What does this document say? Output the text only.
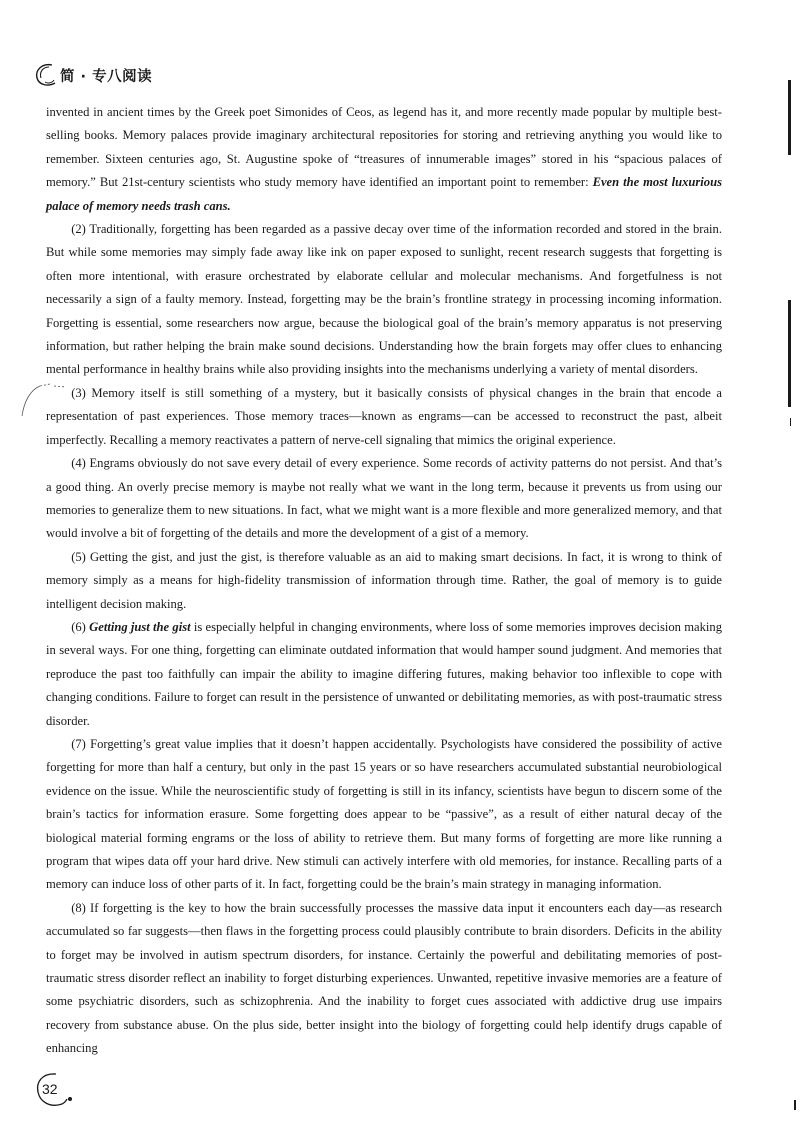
简 · 专八阅读

invented in ancient times by the Greek poet Simonides of Ceos, as legend has it, and more recently made popular by multiple best-selling books. Memory palaces provide imaginary architectural repositories for storing and retrieving anything you would like to remember. Sixteen centuries ago, St. Augustine spoke of “treasures of innumerable images” stored in his “spacious palaces of memory.” But 21st-century scientists who study memory have identified an important point to remember: Even the most luxurious palace of memory needs trash cans.

(2) Traditionally, forgetting has been regarded as a passive decay over time of the information recorded and stored in the brain. But while some memories may simply fade away like ink on paper exposed to sunlight, recent research suggests that forgetting is often more intentional, with erasure orchestrated by elaborate cellular and molecular mechanisms. And forgetfulness is not necessarily a sign of a faulty memory. Instead, forgetting may be the brain’s frontline strategy in processing incoming information. Forgetting is essential, some researchers now argue, because the biological goal of the brain’s memory apparatus is not preserving information, but rather helping the brain make sound decisions. Understanding how the brain forgets may offer clues to enhancing mental performance in healthy brains while also providing insights into the mechanisms underlying a variety of mental disorders.

(3) Memory itself is still something of a mystery, but it basically consists of physical changes in the brain that encode a representation of past experiences. Those memory traces—known as engrams—can be accessed to reconstruct the past, albeit imperfectly. Recalling a memory reactivates a pattern of nerve-cell signaling that mimics the original experience.

(4) Engrams obviously do not save every detail of every experience. Some records of activity patterns do not persist. And that’s a good thing. An overly precise memory is maybe not really what we want in the long term, because it prevents us from using our memories to generalize them to new situations. In fact, what we might want is a more flexible and more generalized memory, and that would involve a bit of forgetting of the details and more the development of a gist of a memory.

(5) Getting the gist, and just the gist, is therefore valuable as an aid to making smart decisions. In fact, it is wrong to think of memory simply as a means for high-fidelity transmission of information through time. Rather, the goal of memory is to guide intelligent decision making.

(6) Getting just the gist is especially helpful in changing environments, where loss of some memories improves decision making in several ways. For one thing, forgetting can eliminate outdated information that would hamper sound judgment. And memories that reproduce the past too faithfully can impair the ability to imagine differing futures, making behavior too inflexible to cope with changing conditions. Failure to forget can result in the persistence of unwanted or debilitating memories, as with post-traumatic stress disorder.

(7) Forgetting’s great value implies that it doesn’t happen accidentally. Psychologists have considered the possibility of active forgetting for more than half a century, but only in the past 15 years or so have researchers accumulated substantial neurobiological evidence on the issue. While the neuroscientific study of forgetting is still in its infancy, scientists have begun to discern some of the brain’s tactics for information erasure. Some forgetting does appear to be “passive”, as a result of either natural decay of the biological material forming engrams or the loss of ability to retrieve them. But many forms of forgetting are more like running a program that wipes data off your hard drive. New stimuli can actively interfere with old memories, for instance. Recalling parts of a memory can induce loss of other parts of it. In fact, forgetting could be the brain’s main strategy in managing information.

(8) If forgetting is the key to how the brain successfully processes the massive data input it encounters each day—as research accumulated so far suggests—then flaws in the forgetting process could plausibly contribute to brain disorders. Deficits in the ability to forget may be involved in autism spectrum disorders, for instance. Certainly the powerful and debilitating memories of post-traumatic stress disorder reflect an inability to forget disturbing experiences. Unwanted, repetitive invasive memories are a feature of some psychiatric disorders, such as schizophrenia. And the inability to forget cues associated with addictive drug use impairs recovery from substance abuse. On the plus side, better insight into the biology of forgetting could help identify drugs capable of enhancing

32
